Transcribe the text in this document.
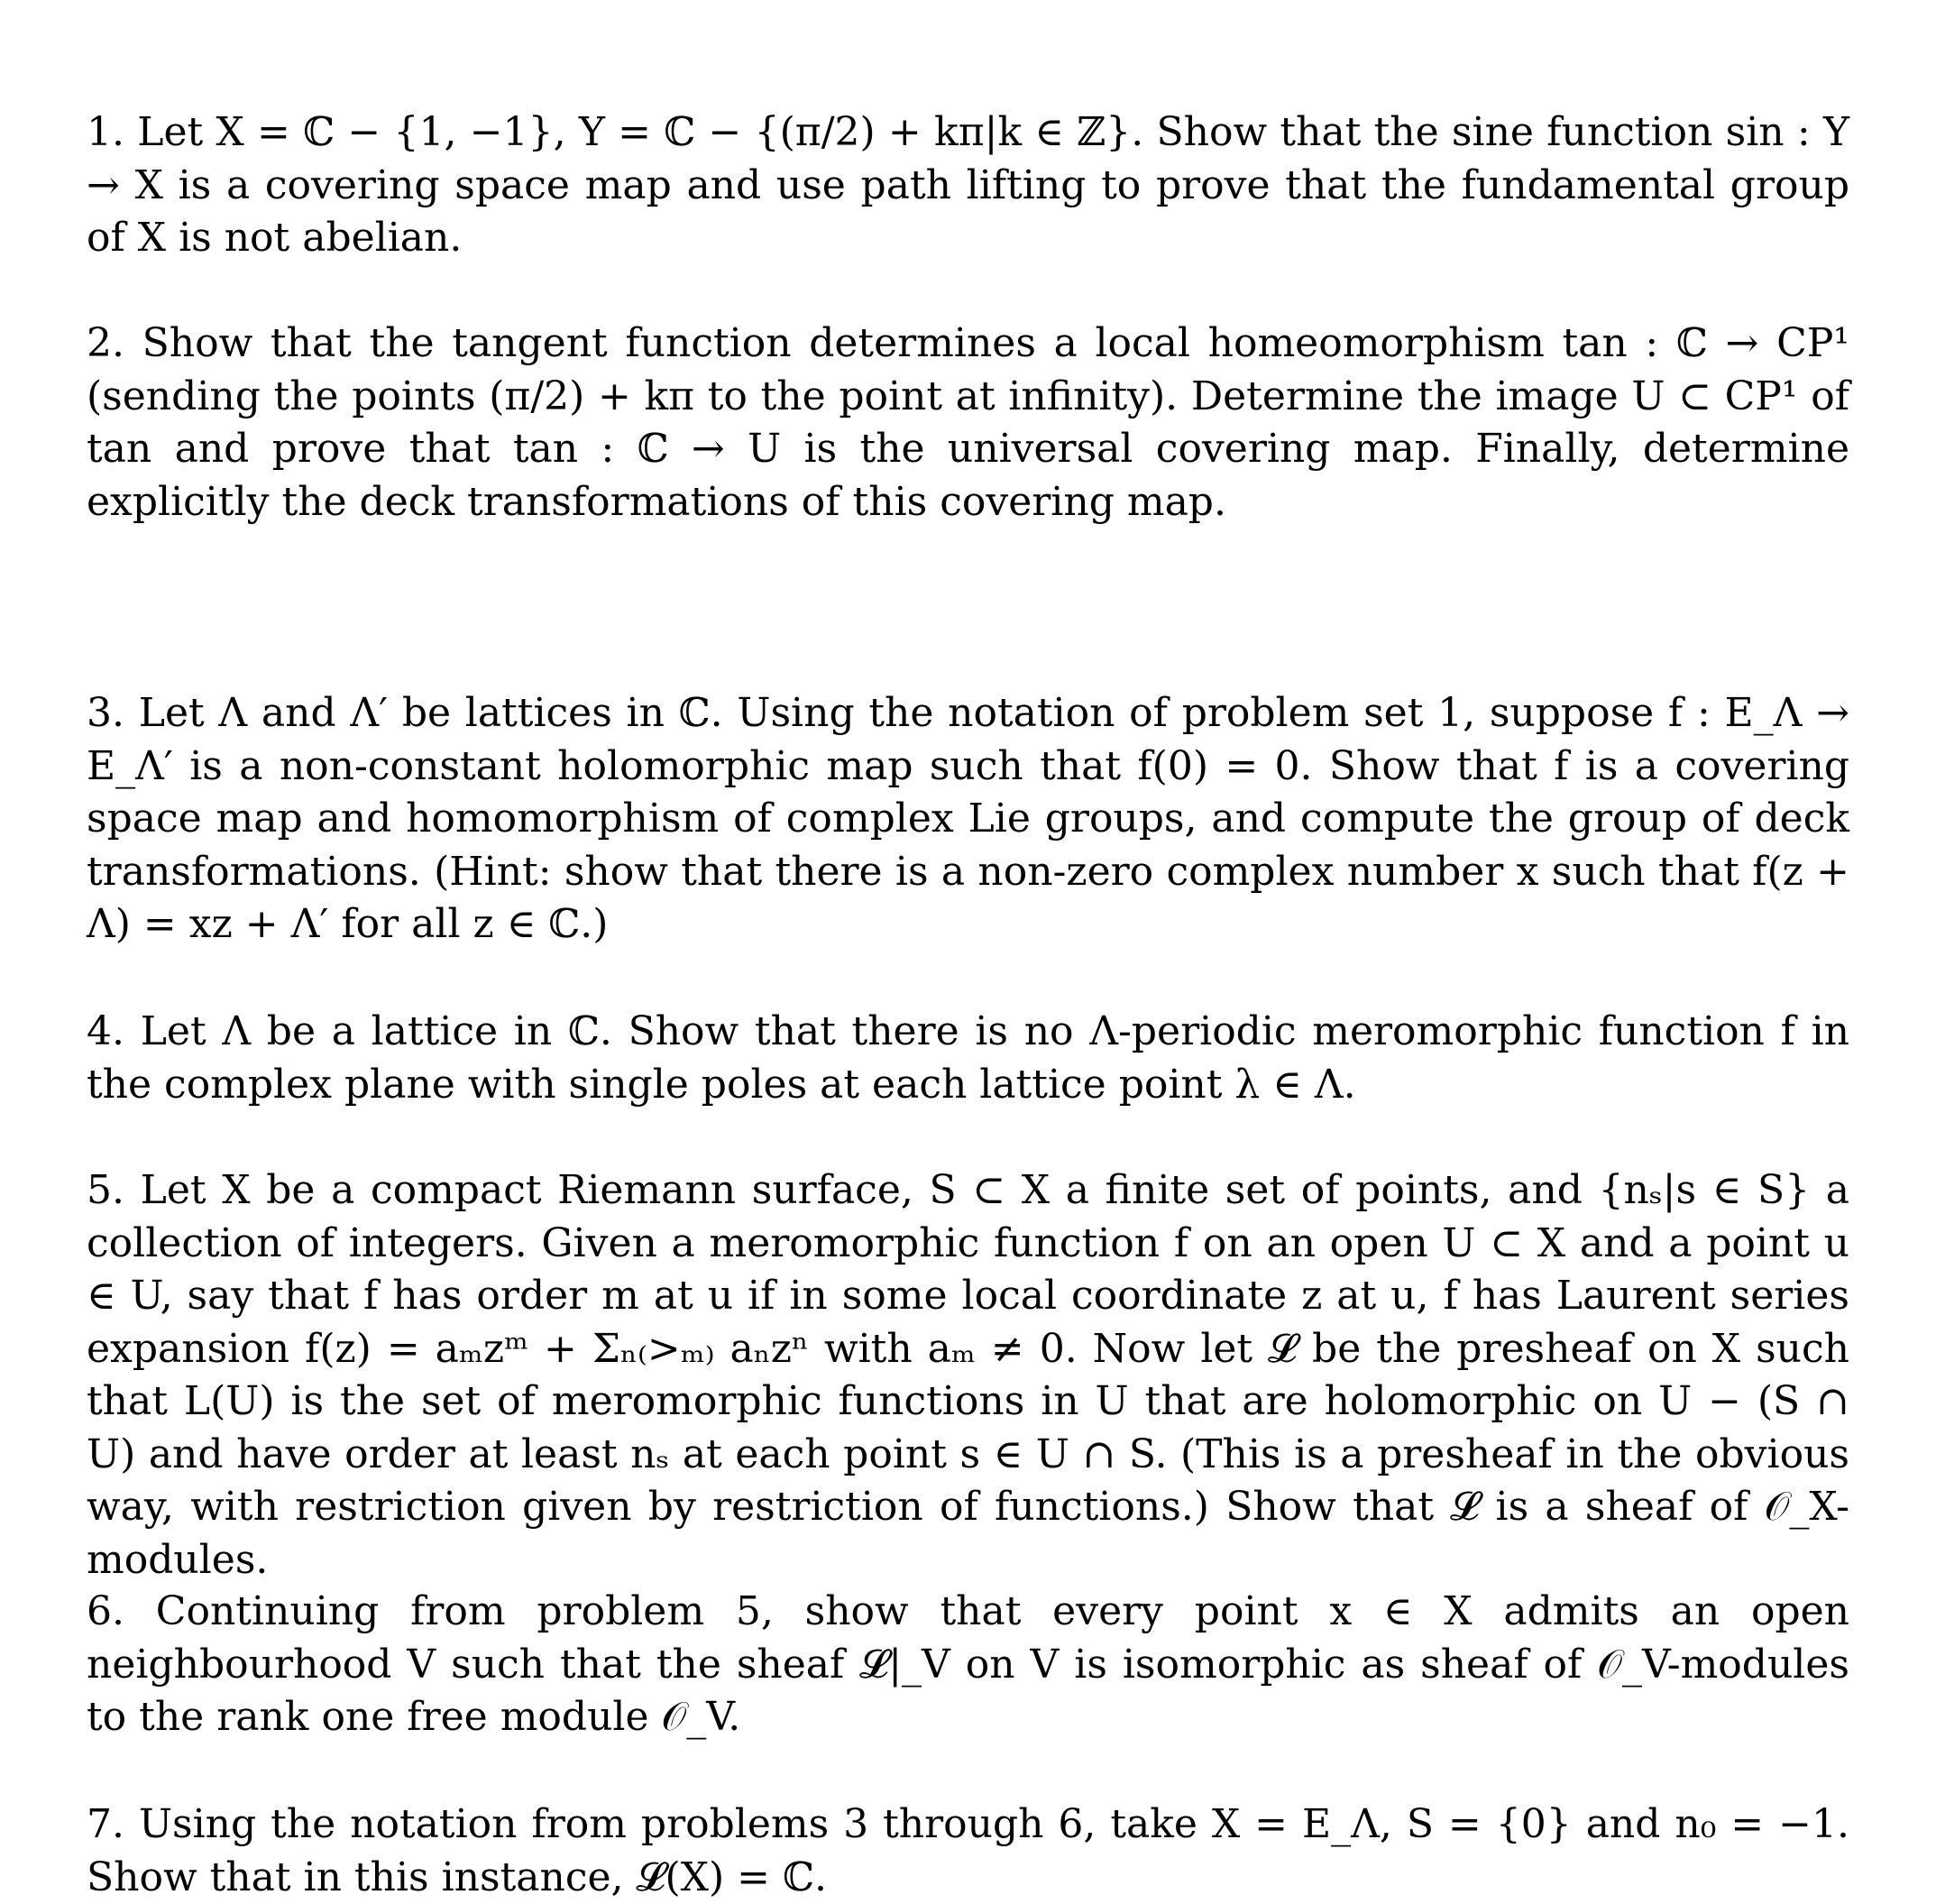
1. Let X = ℂ − {1, −1}, Y = ℂ − {(π/2) + kπ|k ∈ ℤ}. Show that the sine function sin : Y → X is a covering space map and use path lifting to prove that the fundamental group of X is not abelian.

2. Show that the tangent function determines a local homeomorphism tan : ℂ → CP¹ (sending the points (π/2) + kπ to the point at infinity). Determine the image U ⊂ CP¹ of tan and prove that tan : ℂ → U is the universal covering map. Finally, determine explicitly the deck transformations of this covering map.

3. Let Λ and Λ′ be lattices in ℂ. Using the notation of problem set 1, suppose f : E_Λ → E_Λ′ is a non-constant holomorphic map such that f(0) = 0. Show that f is a covering space map and homomorphism of complex Lie groups, and compute the group of deck transformations. (Hint: show that there is a non-zero complex number x such that f(z + Λ) = xz + Λ′ for all z ∈ ℂ.)

4. Let Λ be a lattice in ℂ. Show that there is no Λ-periodic meromorphic function f in the complex plane with single poles at each lattice point λ ∈ Λ.

5. Let X be a compact Riemann surface, S ⊂ X a finite set of points, and {nₛ|s ∈ S} a collection of integers. Given a meromorphic function f on an open U ⊂ X and a point u ∈ U, say that f has order m at u if in some local coordinate z at u, f has Laurent series expansion f(z) = aₘzᵐ + Σₙ₍>ₘ₎ aₙzⁿ with aₘ ≠ 0. Now let 𝓛 be the presheaf on X such that L(U) is the set of meromorphic functions in U that are holomorphic on U − (S ∩ U) and have order at least nₛ at each point s ∈ U ∩ S. (This is a presheaf in the obvious way, with restriction given by restriction of functions.) Show that 𝓛 is a sheaf of 𝒪_X-modules.

6. Continuing from problem 5, show that every point x ∈ X admits an open neighbourhood V such that the sheaf 𝓛|_V on V is isomorphic as sheaf of 𝒪_V-modules to the rank one free module 𝒪_V.

7. Using the notation from problems 3 through 6, take X = E_Λ, S = {0} and n₀ = −1. Show that in this instance, 𝓛(X) = ℂ.
